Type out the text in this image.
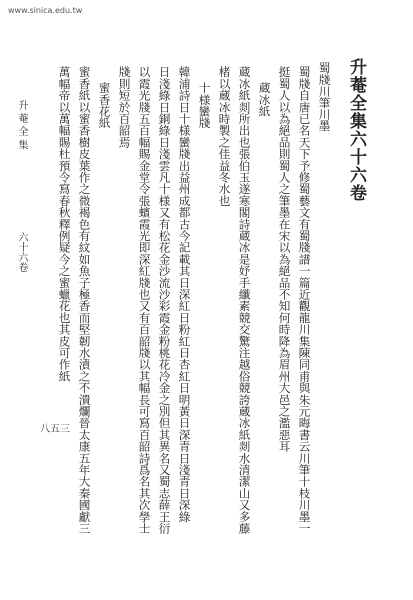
www.sinica.edu.tw
升菴全集六十六卷
蜀牋川筆川墨
蜀牋自唐已名天下予修蜀藝文有蜀牋譜一篇近觀龍川集陳同甫與朱元晦書云川筆十枝川墨一
挺蜀人以為絕品則蜀人之筆墨在宋以為絕品不知何時降為眉州大邑之濫惡耳
蔵冰紙
蔵冰紙剡所出也張伯玉遂寒閣詩蔵冰是妤手纖素競交驚注越俗競誇蔵冰紙剡水清潔山又多藤
楮以蔵冰時製之佳益冬水也
十様蠻牋
韓浦詩日十様蠻牋出益州成都古今記載其日深紅日粉紅日杏紅日明黃日深青日淺青日深綠
日淺綠日銅綠日淺雲凡十様又有松花金沙流沙彩霞金粉桃花冷金之別但其異名又蜀志薛王衍
以霞光牋五百幅賜金堂令張蠙霞光即深紅牋也又有百韶牋以其幅長可寫百韶詩爲名其次學士
牋則短於百韶焉
蜜香花紙
蜜香紙以蜜香樹皮葉作之微褐色有紋如魚子極香而堅韌水漬之不潰爛晉太康五年大秦國獻三
萬幅帝以萬幅賜杜預令寫春秋釋例疑今之蜜蠟花也其皮可作紙
升 菴 全 集
六十六卷
八五三
